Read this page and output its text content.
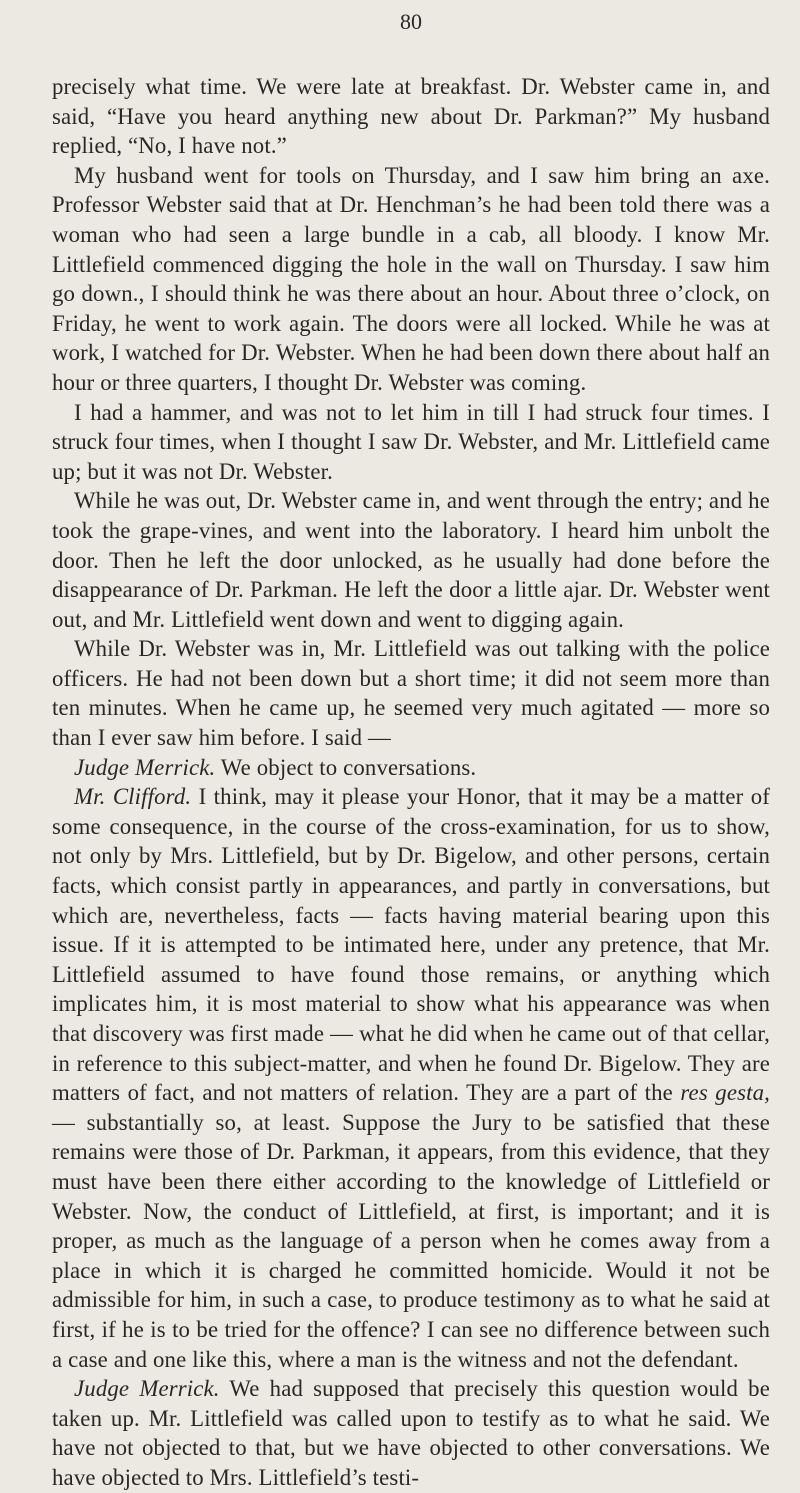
80

precisely what time. We were late at breakfast. Dr. Webster came in, and said, “Have you heard anything new about Dr. Parkman?” My husband replied, “No, I have not.”

My husband went for tools on Thursday, and I saw him bring an axe. Professor Webster said that at Dr. Henchman’s he had been told there was a woman who had seen a large bundle in a cab, all bloody. I know Mr. Littlefield commenced digging the hole in the wall on Thursday. I saw him go down., I should think he was there about an hour. About three o’clock, on Friday, he went to work again. The doors were all locked. While he was at work, I watched for Dr. Webster. When he had been down there about half an hour or three quarters, I thought Dr. Webster was coming.

I had a hammer, and was not to let him in till I had struck four times. I struck four times, when I thought I saw Dr. Webster, and Mr. Littlefield came up; but it was not Dr. Webster.

While he was out, Dr. Webster came in, and went through the entry; and he took the grape-vines, and went into the laboratory. I heard him unbolt the door. Then he left the door unlocked, as he usually had done before the disappearance of Dr. Parkman. He left the door a little ajar. Dr. Webster went out, and Mr. Littlefield went down and went to digging again.

While Dr. Webster was in, Mr. Littlefield was out talking with the police officers. He had not been down but a short time; it did not seem more than ten minutes. When he came up, he seemed very much agitated — more so than I ever saw him before. I said —

Judge Merrick. We object to conversations.

Mr. Clifford. I think, may it please your Honor, that it may be a matter of some consequence, in the course of the cross-examination, for us to show, not only by Mrs. Littlefield, but by Dr. Bigelow, and other persons, certain facts, which consist partly in appearances, and partly in conversations, but which are, nevertheless, facts — facts having material bearing upon this issue. If it is attempted to be intimated here, under any pretence, that Mr. Littlefield assumed to have found those remains, or anything which implicates him, it is most material to show what his appearance was when that discovery was first made — what he did when he came out of that cellar, in reference to this subject-matter, and when he found Dr. Bigelow. They are matters of fact, and not matters of relation. They are a part of the res gesta, — substantially so, at least. Suppose the Jury to be satisfied that these remains were those of Dr. Parkman, it appears, from this evidence, that they must have been there either according to the knowledge of Littlefield or Webster. Now, the conduct of Littlefield, at first, is important; and it is proper, as much as the language of a person when he comes away from a place in which it is charged he committed homicide. Would it not be admissible for him, in such a case, to produce testimony as to what he said at first, if he is to be tried for the offence? I can see no difference between such a case and one like this, where a man is the witness and not the defendant.

Judge Merrick. We had supposed that precisely this question would be taken up. Mr. Littlefield was called upon to testify as to what he said. We have not objected to that, but we have objected to other conversations. We have objected to Mrs. Littlefield’s testi-
